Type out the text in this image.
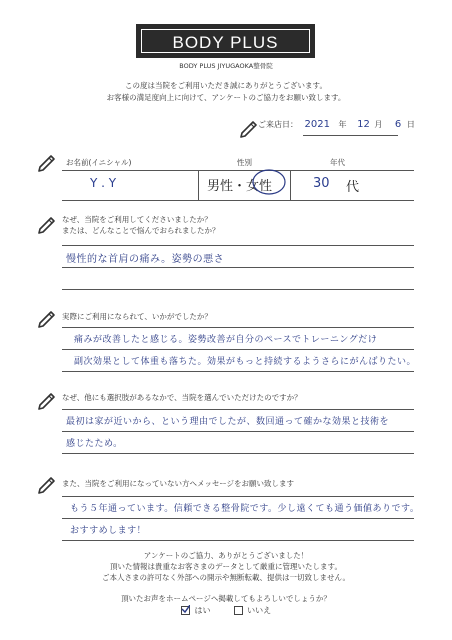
BODY PLUS
BODY PLUS JIYUGAOKA整骨院
この度は当院をご利用いただき誠にありがとうございます。
お客様の満足度向上に向けて、アンケートのご協力をお願い致します。
ご来店日： 2021 年 12 月 6 日
お名前(イニシャル)	性別	年代
Y . Y	男性・女性	30 代
なぜ、当院をご利用してくださいましたか？
または、どんなことで悩んでおられましたか？
慢性的な首肩の痛み。姿勢の悪さ
実際にご利用になられて、いかがでしたか？
痛みが改善したと感じる。姿勢改善が自分のペースでトレーニングだけ
副次効果として体重も落ちた。効果がもっと持続するようさらにがんばりたい。
なぜ、他にも選択肢があるなかで、当院を選んでいただけたのですか？
最初は家が近いから、という理由でしたが、数回通って確かな効果と技術を
感じたため。
また、当院をご利用になっていない方へメッセージをお願い致します
もう５年通っています。信頼できる整骨院です。少し遠くても通う価値ありです。
おすすめします！
アンケートのご協力、ありがとうございました！
頂いた情報は貴重なお客さまのデータとして厳重に管理いたします。
ご本人さまの許可なく外部への開示や無断転載、提供は一切致しません。
頂いたお声をホームページへ掲載してもよろしいでしょうか？
はい	いいえ
